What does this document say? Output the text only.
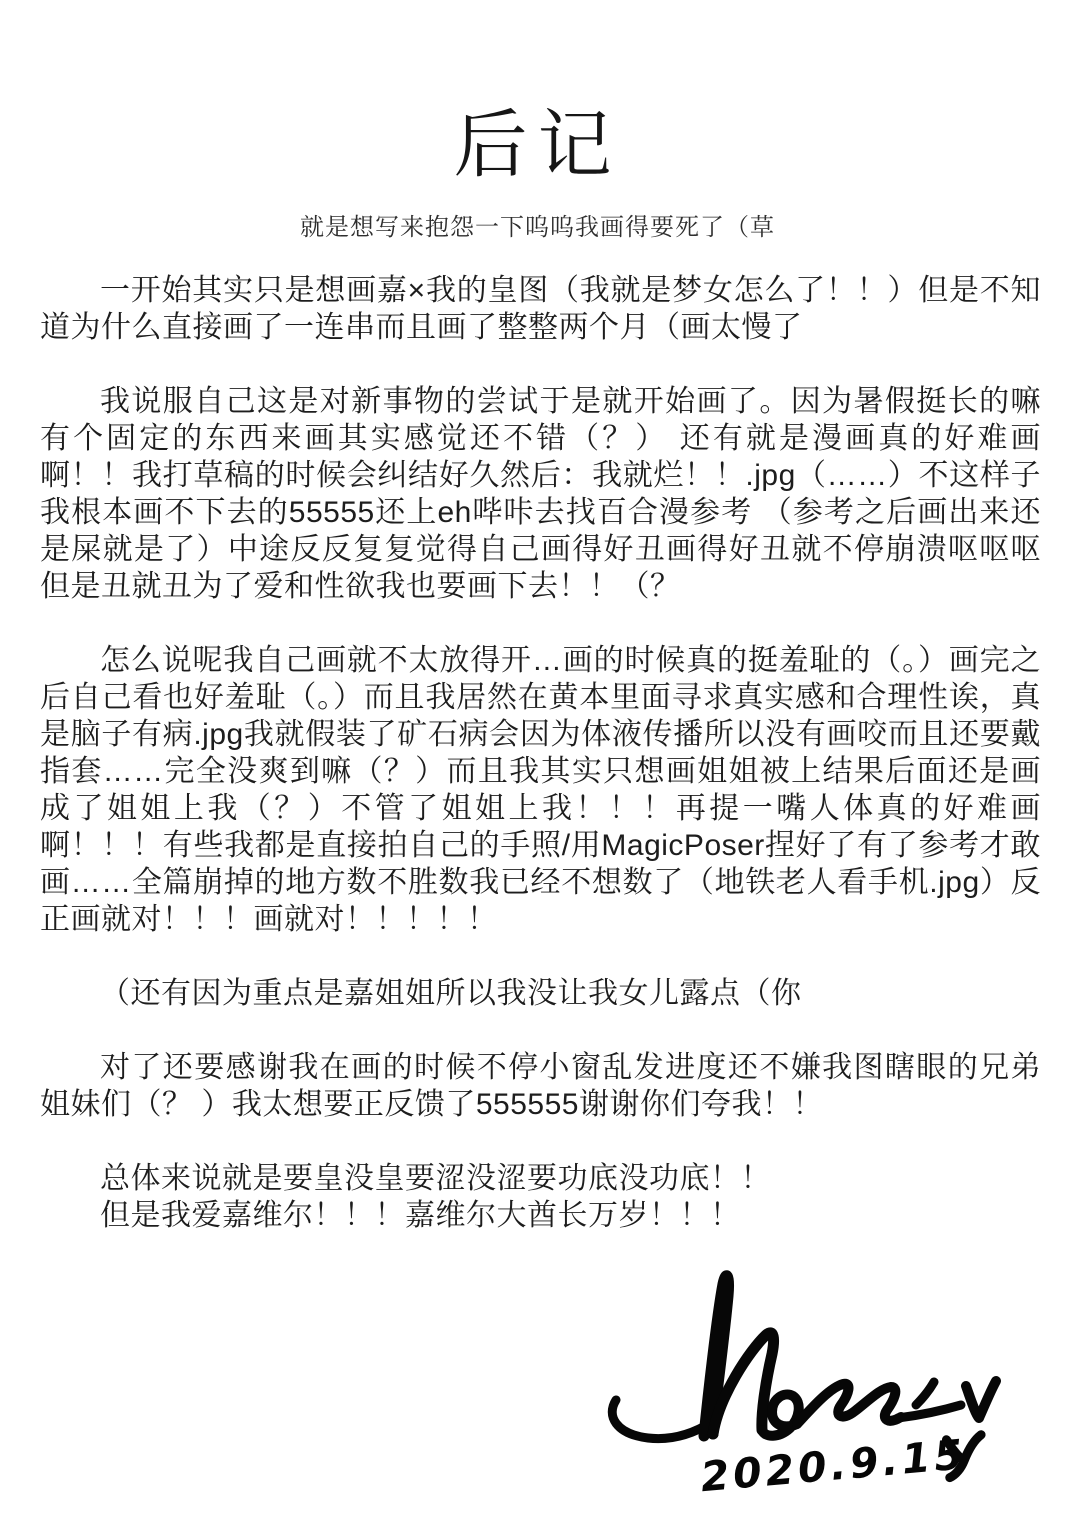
后记

就是想写来抱怨一下呜呜我画得要死了（草

一开始其实只是想画嘉×我的皇图（我就是梦女怎么了！！）但是不知道为什么直接画了一连串而且画了整整两个月（画太慢了

我说服自己这是对新事物的尝试于是就开始画了。因为暑假挺长的嘛有个固定的东西来画其实感觉还不错（？） 还有就是漫画真的好难画啊！！我打草稿的时候会纠结好久然后：我就烂！！.jpg（……）不这样子我根本画不下去的55555还上eh哔咔去找百合漫参考 （参考之后画出来还是屎就是了）中途反反复复觉得自己画得好丑画得好丑就不停崩溃呕呕呕但是丑就丑为了爱和性欲我也要画下去！！（？

怎么说呢我自己画就不太放得开…画的时候真的挺羞耻的（。）画完之后自己看也好羞耻（。）而且我居然在黄本里面寻求真实感和合理性诶，真是脑子有病.jpg我就假装了矿石病会因为体液传播所以没有画咬而且还要戴指套……完全没爽到嘛（？）而且我其实只想画姐姐被上结果后面还是画成了姐姐上我（？）不管了姐姐上我！！！再提一嘴人体真的好难画啊！！！有些我都是直接拍自己的手照/用MagicPoser捏好了有了参考才敢画……全篇崩掉的地方数不胜数我已经不想数了（地铁老人看手机.jpg）反正画就对！！！画就对！！！！！

（还有因为重点是嘉姐姐所以我没让我女儿露点（你

对了还要感谢我在画的时候不停小窗乱发进度还不嫌我图瞎眼的兄弟姐妹们（？ ）我太想要正反馈了555555谢谢你们夸我！！

总体来说就是要皇没皇要涩没涩要功底没功底！！

但是我爱嘉维尔！！！嘉维尔大酋长万岁！！！

2020.9.15
